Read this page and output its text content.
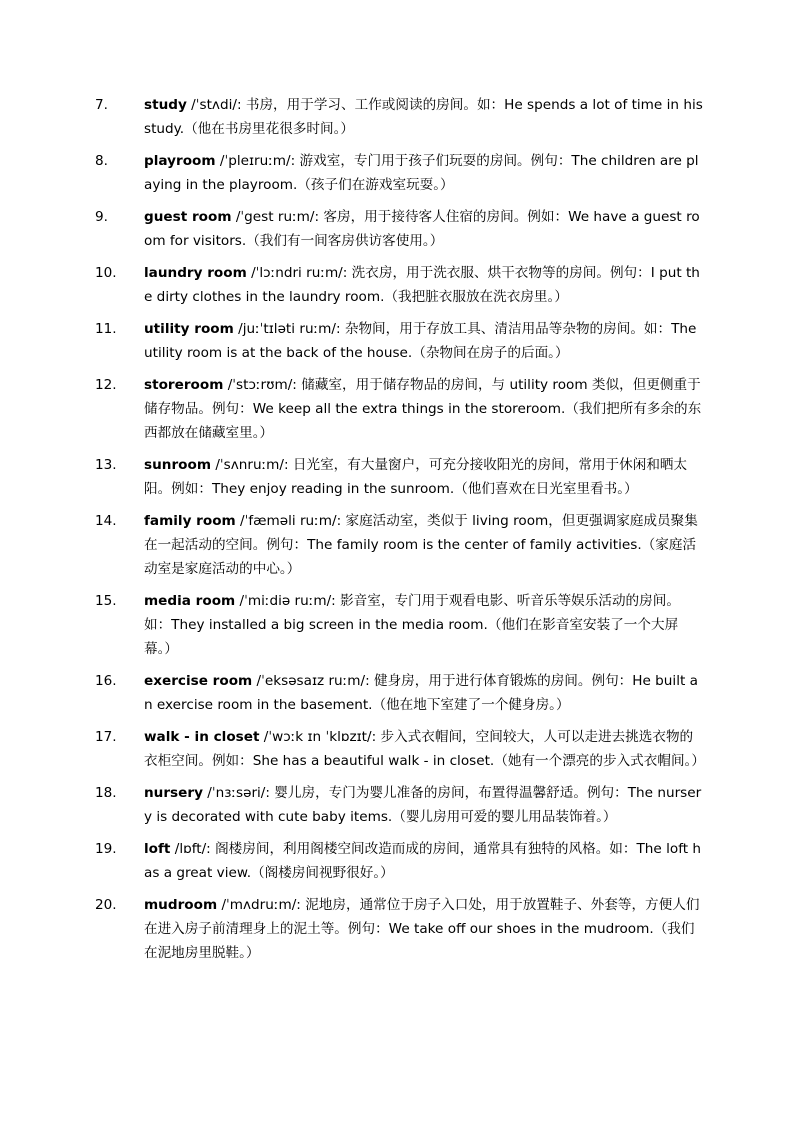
7.	study /ˈstʌdi/: 书房，用于学习、工作或阅读的房间。如：He spends a lot of time in his study.（他在书房里花很多时间。）
8.	playroom /ˈpleɪruːm/: 游戏室，专门用于孩子们玩耍的房间。例句：The children are playing in the playroom.（孩子们在游戏室玩耍。）
9.	guest room /ˈgest ruːm/: 客房，用于接待客人住宿的房间。例如：We have a guest room for visitors.（我们有一间客房供访客使用。）
10.	laundry room /ˈlɔːndri ruːm/: 洗衣房，用于洗衣服、烘干衣物等的房间。例句：I put the dirty clothes in the laundry room.（我把脏衣服放在洗衣房里。）
11.	utility room /juːˈtɪləti ruːm/: 杂物间，用于存放工具、清洁用品等杂物的房间。如：The utility room is at the back of the house.（杂物间在房子的后面。）
12.	storeroom /ˈstɔːrʊm/: 储藏室，用于储存物品的房间，与 utility room 类似，但更侧重于储存物品。例句：We keep all the extra things in the storeroom.（我们把所有多余的东西都放在储藏室里。）
13.	sunroom /ˈsʌnruːm/: 日光室，有大量窗户，可充分接收阳光的房间，常用于休闲和晒太阳。例如：They enjoy reading in the sunroom.（他们喜欢在日光室里看书。）
14.	family room /ˈfæməli ruːm/: 家庭活动室，类似于 living room，但更强调家庭成员聚集在一起活动的空间。例句：The family room is the center of family activities.（家庭活动室是家庭活动的中心。）
15.	media room /ˈmiːdiə ruːm/: 影音室，专门用于观看电影、听音乐等娱乐活动的房间。如：They installed a big screen in the media room.（他们在影音室安装了一个大屏幕。）
16.	exercise room /ˈeksəsaɪz ruːm/: 健身房，用于进行体育锻炼的房间。例句：He built an exercise room in the basement.（他在地下室建了一个健身房。）
17.	walk - in closet /ˈwɔːk ɪn ˈklɒzɪt/: 步入式衣帽间，空间较大，人可以走进去挑选衣物的衣柜空间。例如：She has a beautiful walk - in closet.（她有一个漂亮的步入式衣帽间。）
18.	nursery /ˈnɜːsəri/: 婴儿房，专门为婴儿准备的房间，布置得温馨舒适。例句：The nursery is decorated with cute baby items.（婴儿房用可爱的婴儿用品装饰着。）
19.	loft /lɒft/: 阁楼房间，利用阁楼空间改造而成的房间，通常具有独特的风格。如：The loft has a great view.（阁楼房间视野很好。）
20.	mudroom /ˈmʌdruːm/: 泥地房，通常位于房子入口处，用于放置鞋子、外套等，方便人们在进入房子前清理身上的泥土等。例句：We take off our shoes in the mudroom.（我们在泥地房里脱鞋。）
